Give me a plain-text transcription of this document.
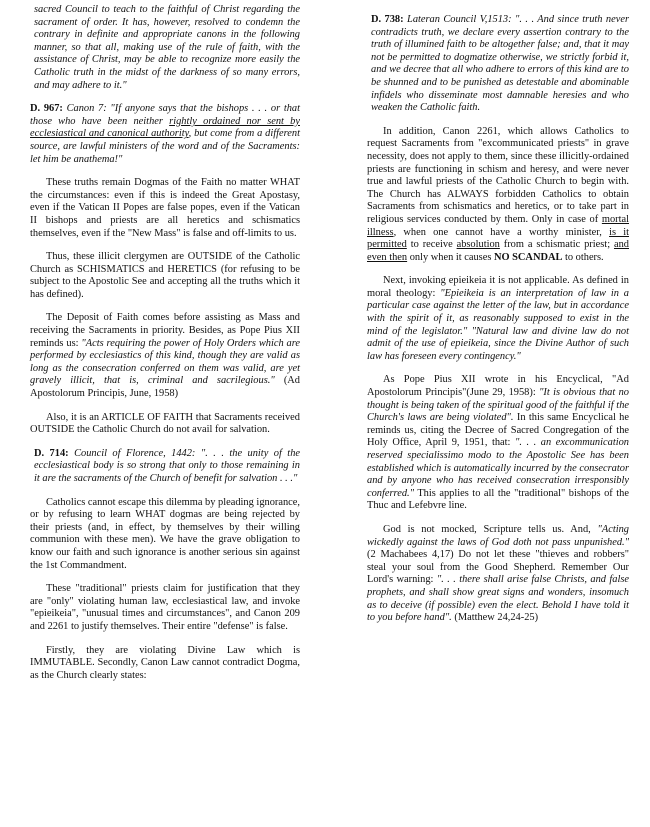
sacred Council to teach to the faithful of Christ regarding the sacrament of order. It has, however, resolved to condemn the contrary in definite and appropriate canons in the following manner, so that all, making use of the rule of faith, with the assistance of Christ, may be able to recognize more easily the Catholic truth in the midst of the darkness of so many errors, and may adhere to it."

D. 967: Canon 7: "If anyone says that the bishops . . . or that those who have been neither rightly ordained nor sent by ecclesiastical and canonical authority, but come from a different source, are lawful ministers of the word and of the Sacraments: let him be anathema!"

These truths remain Dogmas of the Faith no matter WHAT the circumstances: even if this is indeed the Great Apostasy, even if the Vatican II Popes are false popes, even if the Vatican II bishops and priests are all heretics and schismatics themselves, even if the "New Mass" is false and off-limits to us.

Thus, these illicit clergymen are OUTSIDE of the Catholic Church as SCHISMATICS and HERETICS (for refusing to be subject to the Apostolic See and accepting all the truths which it has defined).

The Deposit of Faith comes before assisting as Mass and receiving the Sacraments in priority. Besides, as Pope Pius XII reminds us: "Acts requiring the power of Holy Orders which are performed by ecclesiastics of this kind, though they are valid as long as the consecration conferred on them was valid, are yet gravely illicit, that is, criminal and sacrilegious." (Ad Apostolorum Principis, June, 1958)

Also, it is an ARTICLE OF FAITH that Sacraments received OUTSIDE the Catholic Church do not avail for salvation.

D. 714: Council of Florence, 1442: ". . . the unity of the ecclesiastical body is so strong that only to those remaining in it are the sacraments of the Church of benefit for salvation . . ."

Catholics cannot escape this dilemma by pleading ignorance, or by refusing to learn WHAT dogmas are being rejected by their priests (and, in effect, by themselves by their willing communion with these men). We have the grave obligation to know our faith and such ignorance is another serious sin against the 1st Commandment.

These "traditional" priests claim for justification that they are "only" violating human law, ecclesiastical law, and invoke "epieikeia", "unusual times and circumstances", and Canon 209 and 2261 to justify themselves. Their entire "defense" is false.

Firstly, they are violating Divine Law which is IMMUTABLE. Secondly, Canon Law cannot contradict Dogma, as the Church clearly states:

D. 738: Lateran Council V,1513: ". . . And since truth never contradicts truth, we declare every assertion contrary to the truth of illumined faith to be altogether false; and, that it may not be permitted to dogmatize otherwise, we strictly forbid it, and we decree that all who adhere to errors of this kind are to be shunned and to be punished as detestable and abominable infidels who disseminate most damnable heresies and who weaken the Catholic faith.

In addition, Canon 2261, which allows Catholics to request Sacraments from "excommunicated priests" in grave necessity, does not apply to them, since these illicitly-ordained priests are functioning in schism and heresy, and were never true and lawful priests of the Catholic Church to begin with. The Church has ALWAYS forbidden Catholics to obtain Sacraments from schismatics and heretics, or to take part in religious services conducted by them. Only in case of mortal illness, when one cannot have a worthy minister, is it permitted to receive absolution from a schismatic priest; and even then only when it causes NO SCANDAL to others.

Next, invoking epieikeia it is not applicable. As defined in moral theology: "Epieikeia is an interpretation of law in a particular case against the letter of the law, but in accordance with the spirit of it, as reasonably supposed to exist in the mind of the legislator." "Natural law and divine law do not admit of the use of epieikeia, since the Divine Author of such law has foreseen every contingency."

As Pope Pius XII wrote in his Encyclical, "Ad Apostolorum Principis"(June 29, 1958): "It is obvious that no thought is being taken of the spiritual good of the faithful if the Church's laws are being violated". In this same Encyclical he reminds us, citing the Decree of Sacred Congregation of the Holy Office, April 9, 1951, that: ". . . an excommunication reserved specialissimo modo to the Apostolic See has been established which is automatically incurred by the consecrator and by anyone who has received consecration irresponsibly conferred." This applies to all the "traditional" bishops of the Thuc and Lefebvre line.

God is not mocked, Scripture tells us. And, "Acting wickedly against the laws of God doth not pass unpunished." (2 Machabees 4,17) Do not let these "thieves and robbers" steal your soul from the Good Shepherd. Remember Our Lord's warning: ". . . there shall arise false Christs, and false prophets, and shall show great signs and wonders, insomuch as to deceive (if possible) even the elect. Behold I have told it to you before hand". (Matthew 24,24-25)
